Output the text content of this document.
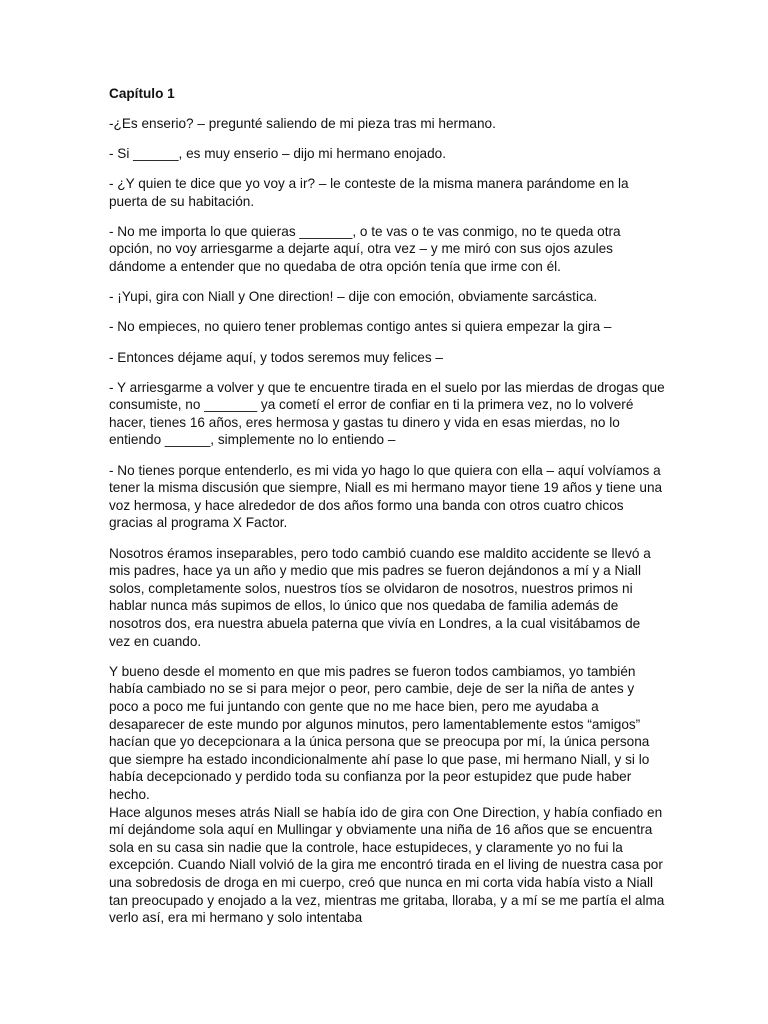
Capítulo 1

-¿Es enserio? – pregunté saliendo de mi pieza tras mi hermano.

- Si ______, es muy enserio – dijo mi hermano enojado.

- ¿Y quien te dice que yo voy a ir? – le conteste de la misma manera parándome en la puerta de su habitación.

- No me importa lo que quieras _______, o te vas o te vas conmigo, no te queda otra opción, no voy arriesgarme a dejarte aquí, otra vez – y me miró con sus ojos azules dándome a entender que no quedaba de otra opción tenía que irme con él.

- ¡Yupi, gira con Niall y One direction! – dije con emoción, obviamente sarcástica.

- No empieces, no quiero tener problemas contigo antes si quiera empezar la gira –

- Entonces déjame aquí, y todos seremos muy felices –

- Y arriesgarme a volver y que te encuentre tirada en el suelo por las mierdas de drogas que consumiste, no _______ ya cometí el error de confiar en ti la primera vez, no lo volveré hacer, tienes 16 años, eres hermosa y gastas tu dinero y vida en esas mierdas, no lo entiendo ______, simplemente no lo entiendo –

- No tienes porque entenderlo, es mi vida yo hago lo que quiera con ella – aquí volvíamos a tener la misma discusión que siempre, Niall es mi hermano mayor tiene 19 años y tiene una voz hermosa, y hace alrededor de dos años formo una banda con otros cuatro chicos gracias al programa X Factor.

Nosotros éramos inseparables, pero todo cambió cuando ese maldito accidente se llevó a mis padres, hace ya un año y medio que mis padres se fueron dejándonos a mí y a Niall solos, completamente solos, nuestros tíos se olvidaron de nosotros, nuestros primos ni hablar nunca más supimos de ellos, lo único que nos quedaba de familia además de nosotros dos, era nuestra abuela paterna que vivía en Londres, a la cual visitábamos de vez en cuando.

Y bueno desde el momento en que mis padres se fueron todos cambiamos, yo también había cambiado no se si para mejor o peor, pero cambie, deje de ser la niña de antes y poco a poco me fui juntando con gente que no me hace bien, pero me ayudaba a desaparecer de este mundo por algunos minutos, pero lamentablemente estos “amigos” hacían que yo decepcionara a la única persona que se preocupa por mí, la única persona que siempre ha estado incondicionalmente ahí pase lo que pase, mi hermano Niall, y si lo había decepcionado y perdido toda su confianza por la peor estupidez que pude haber hecho.

Hace algunos meses atrás Niall se había ido de gira con One Direction, y había confiado en mí dejándome sola aquí en Mullingar y obviamente una niña de 16 años que se encuentra sola en su casa sin nadie que la controle, hace estupideces, y claramente yo no fui la excepción. Cuando Niall volvió de la gira me encontró tirada en el living de nuestra casa por una sobredosis de droga en mi cuerpo, creó que nunca en mi corta vida había visto a Niall tan preocupado y enojado a la vez, mientras me gritaba, lloraba, y a mí se me partía el alma verlo así, era mi hermano y solo intentaba
